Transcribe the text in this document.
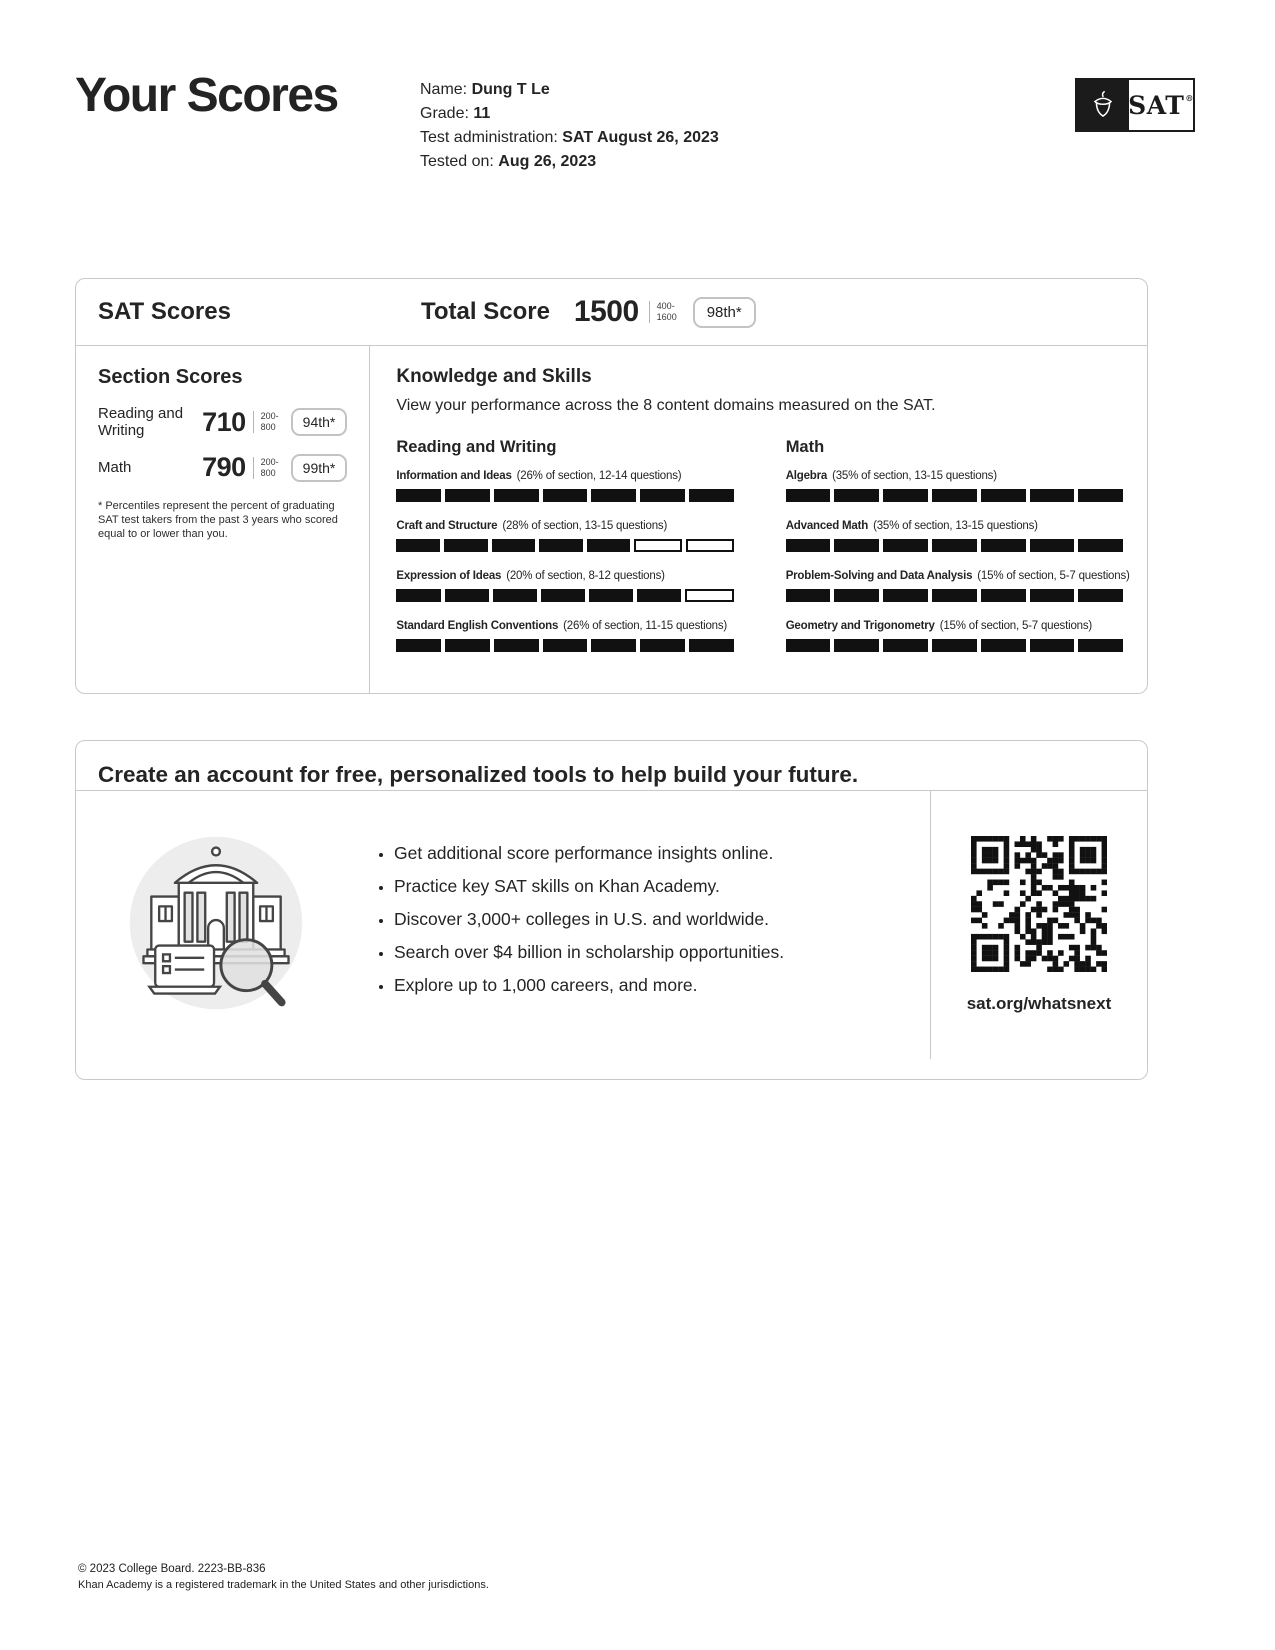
Your Scores	Name: Dung T Le
Grade: 11
Test administration: SAT August 26, 2023
Tested on: Aug 26, 2023
SAT®
SAT Scores	Total Score 1500 400-
1600	98th*
Section Scores
Reading and Writing	710 200-
800	94th*
Math	790 200-
800	99th*

* Percentiles represent the percent of graduating SAT test takers from the past 3 years who scored equal to or lower than you.

Knowledge and Skills

View your performance across the 8 content domains measured on the SAT.

Reading and Writing
Information and Ideas (26% of section, 12-14 questions)
Craft and Structure (28% of section, 13-15 questions)
Expression of Ideas (20% of section, 8-12 questions)
Standard English Conventions (26% of section, 11-15 questions)
Math
Algebra (35% of section, 13-15 questions)
Advanced Math (35% of section, 13-15 questions)
Problem-Solving and Data Analysis (15% of section, 5-7 questions)
Geometry and Trigonometry (15% of section, 5-7 questions)
Create an account for free, personalized tools to help build your future.
• Get additional score performance insights online.
• Practice key SAT skills on Khan Academy.
• Discover 3,000+ colleges in U.S. and worldwide.
• Search over $4 billion in scholarship opportunities.
• Explore up to 1,000 careers, and more.
sat.org/whatsnext
© 2023 College Board. 2223-BB-836
Khan Academy is a registered trademark in the United States and other jurisdictions.
